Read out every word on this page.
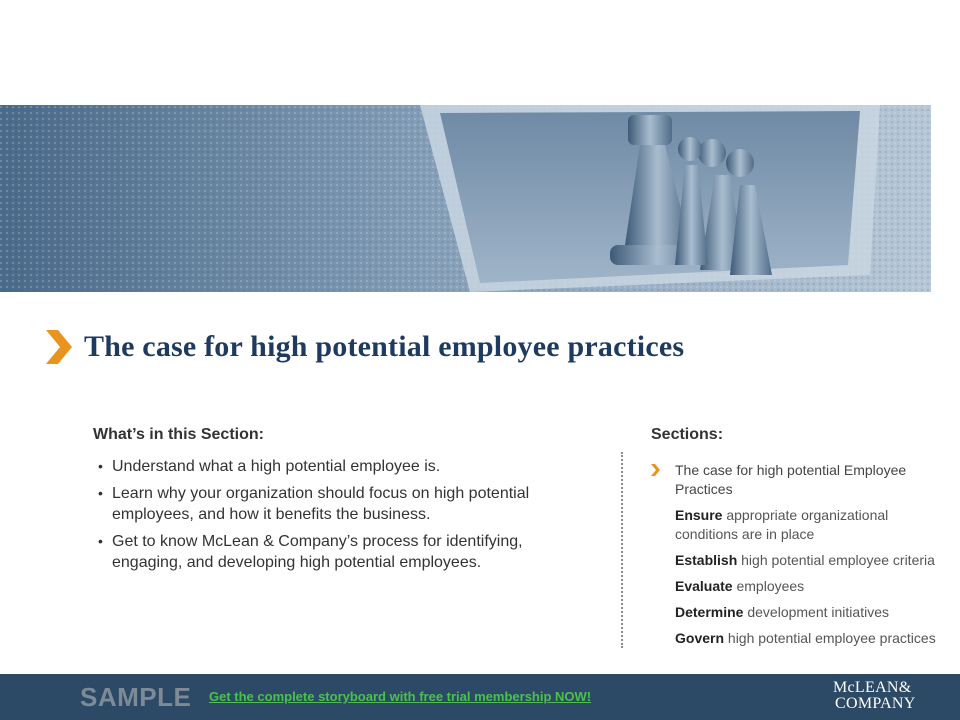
The case for high potential employee practices
What’s in this Section:
• Understand what a high potential employee is.
• Learn why your organization should focus on high potential employees, and how it benefits the business.
• Get to know McLean & Company’s process for identifying, engaging, and developing high potential employees.
Sections:
The case for high potential Employee Practices
Ensure appropriate organizational conditions are in place
Establish high potential employee criteria
Evaluate employees
Determine development initiatives
Govern high potential employee practices
SAMPLE Get the complete storyboard with free trial membership NOW!
McLEAN&
COMPANY
